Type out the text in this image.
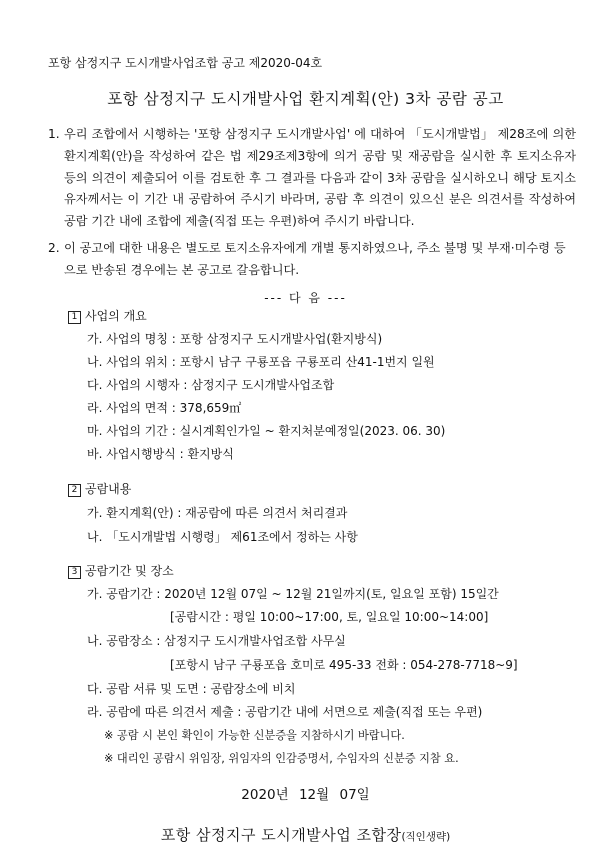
포항 삼정지구 도시개발사업조합 공고 제2020-04호
포항 삼정지구 도시개발사업 환지계획(안) 3차 공람 공고
1. 우리 조합에서 시행하는 '포항 삼정지구 도시개발사업' 에 대하여 「도시개발법」 제28조에 의한 환지계획(안)을 작성하여 같은 법 제29조제3항에 의거 공람 및 재공람을 실시한 후 토지소유자 등의 의견이 제출되어 이를 검토한 후 그 결과를 다음과 같이 3차 공람을 실시하오니 해당 토지소유자께서는 이 기간 내 공람하여 주시기 바라며, 공람 후 의견이 있으신 분은 의견서를 작성하여 공람 기간 내에 조합에 제출(직접 또는 우편)하여 주시기 바랍니다.
2. 이 공고에 대한 내용은 별도로 토지소유자에게 개별 통지하였으나, 주소 불명 및 부재·미수령 등으로 반송된 경우에는 본 공고로 갈음합니다.
--- 다 음 ---
1 사업의 개요
가. 사업의 명칭 : 포항 삼정지구 도시개발사업(환지방식)
나. 사업의 위치 : 포항시 남구 구룡포읍 구룡포리 산41-1번지 일원
다. 사업의 시행자 : 삼정지구 도시개발사업조합
라. 사업의 면적 : 378,659㎡
마. 사업의 기간 : 실시계획인가일 ~ 환지처분예정일(2023. 06. 30)
바. 사업시행방식 : 환지방식
2 공람내용
가. 환지계획(안) : 재공람에 따른 의견서 처리결과
나. 「도시개발법 시행령」 제61조에서 정하는 사항
3 공람기간 및 장소
가. 공람기간 : 2020년 12월 07일 ~ 12월 21일까지(토, 일요일 포함) 15일간
[공람시간 : 평일 10:00~17:00, 토, 일요일 10:00~14:00]
나. 공람장소 : 삼정지구 도시개발사업조합 사무실
[포항시 남구 구룡포읍 호미로 495-33 전화 : 054-278-7718~9]
다. 공람 서류 및 도면 : 공람장소에 비치
라. 공람에 따른 의견서 제출 : 공람기간 내에 서면으로 제출(직접 또는 우편)
※ 공람 시 본인 확인이 가능한 신분증을 지참하시기 바랍니다.
※ 대리인 공람시 위임장, 위임자의 인감증명서, 수임자의 신분증 지참 요.
2020년 12월 07일
포항 삼정지구 도시개발사업 조합장(직인생략)
